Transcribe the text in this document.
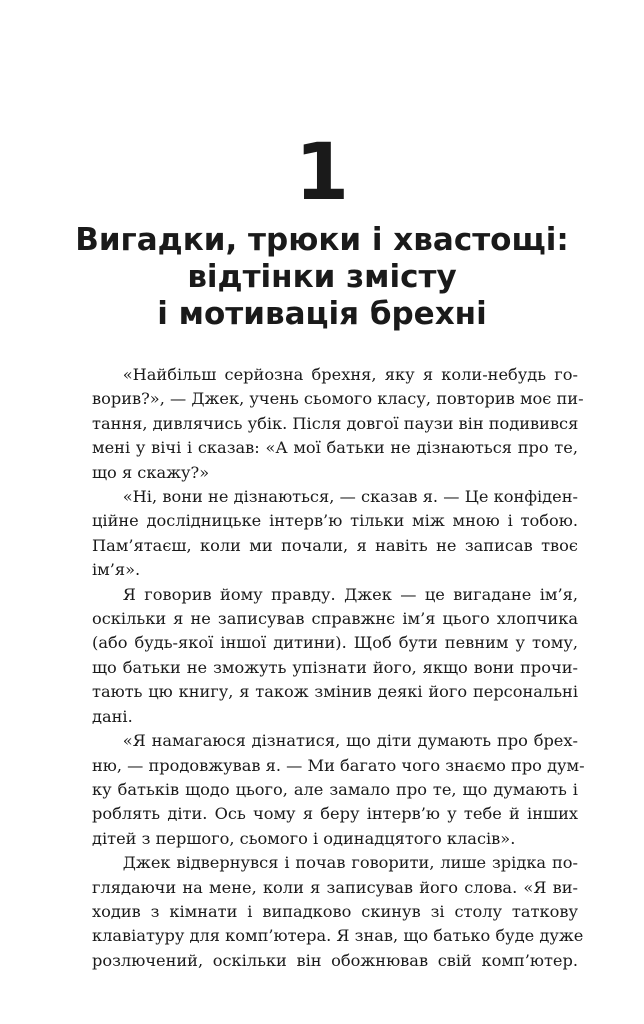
1
Вигадки, трюки і хвастощі:
відтінки змісту
і мотивація брехні

«Найбільш серйозна брехня, яку я коли-небудь го-
ворив?», — Джек, учень сьомого класу, повторив моє пи-
тання, дивлячись убік. Після довгої паузи він подивився
мені у вічі і сказав: «А мої батьки не дізнаються про те,
що я скажу?»

«Ні, вони не дізнаються, — сказав я. — Це конфіден-
ційне дослідницьке інтерв’ю тільки між мною і тобою.
Пам’ятаєш, коли ми почали, я навіть не записав твоє
ім’я».

Я говорив йому правду. Джек — це вигадане ім’я,
оскільки я не записував справжнє ім’я цього хлопчика
(або будь-якої іншої дитини). Щоб бути певним у тому,
що батьки не зможуть упізнати його, якщо вони прочи-
тають цю книгу, я також змінив деякі його персональні
дані.

«Я намагаюся дізнатися, що діти думають про брех-
ню, — продовжував я. — Ми багато чого знаємо про дум-
ку батьків щодо цього, але замало про те, що думають і
роблять діти. Ось чому я беру інтерв’ю у тебе й інших
дітей з першого, сьомого і одинадцятого класів».

Джек відвернувся і почав говорити, лише зрідка по-
глядаючи на мене, коли я записував його слова. «Я ви-
ходив з кімнати і випадково скинув зі столу таткову
клавіатуру для комп’ютера. Я знав, що батько буде дуже
розлючений, оскільки він обожнював свій комп’ютер.
